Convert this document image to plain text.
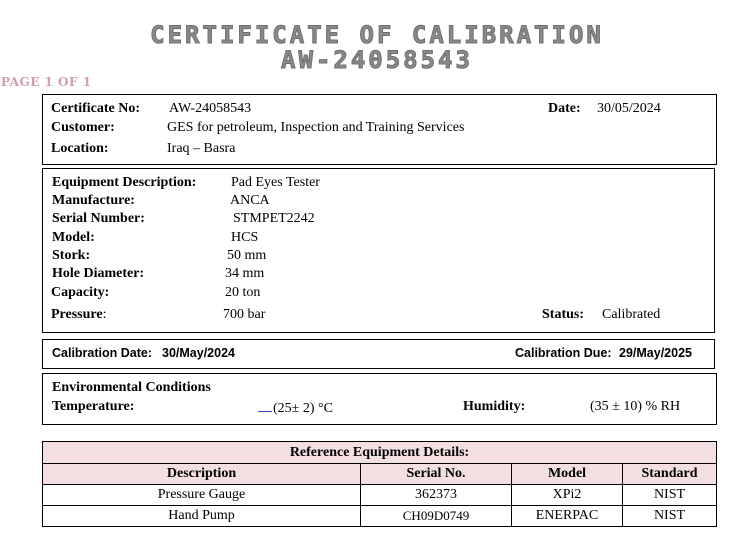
CERTIFICATE OF CALIBRATION
AW-24058543
PAGE 1 OF 1
Certificate No: AW-24058543	Date: 30/05/2024
Customer:	GES for petroleum, Inspection and Training Services
Location:	Iraq – Basra
Equipment Description: Pad Eyes Tester
Manufacture:	ANCA
Serial Number:	STMPET2242
Model:	HCS
Stork:	50 mm
Hole Diameter:	34 mm
Capacity:	20 ton
Pressure:	700 bar	Status: Calibrated
Calibration Date: 30/May/2024	Calibration Due: 29/May/2025
Environmental Conditions
Temperature:	(25± 2) °C	Humidity:	(35 ± 10) % RH
Reference Equipment Details:			
Description	Serial No.	Model	Standard
Pressure Gauge	362373	XPi2	NIST
Hand Pump	CH09D0749	ENERPAC	NIST
